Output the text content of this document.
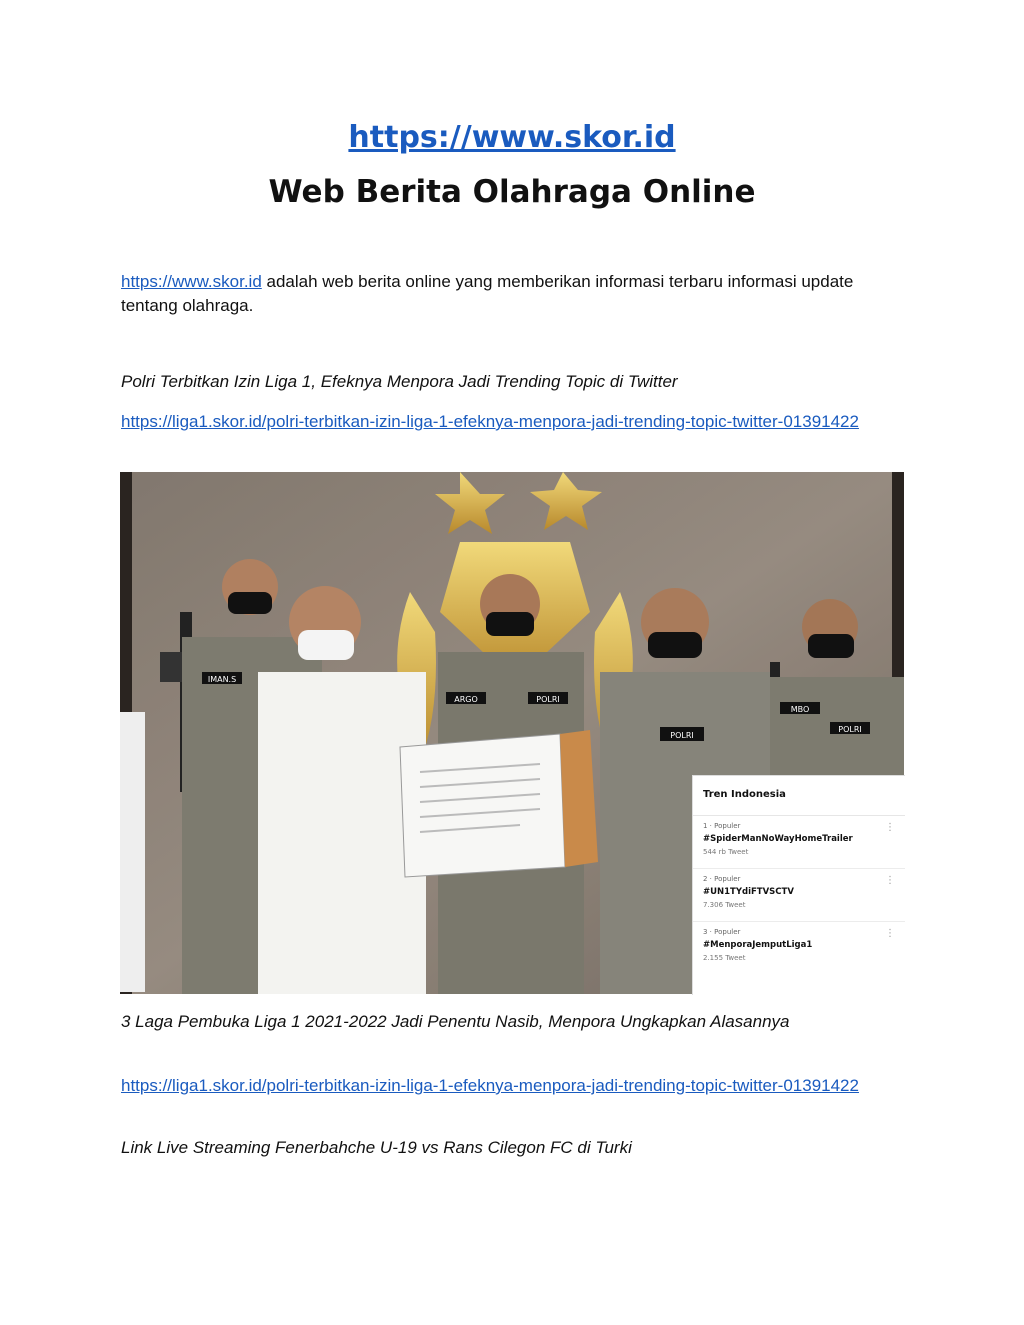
https://www.skor.id
Web Berita Olahraga Online
https://www.skor.id adalah web berita online yang memberikan informasi terbaru informasi update tentang olahraga.
Polri Terbitkan Izin Liga 1, Efeknya Menpora Jadi Trending Topic di Twitter
https://liga1.skor.id/polri-terbitkan-izin-liga-1-efeknya-menpora-jadi-trending-topic-twitter-01391422
IMAN.S
ARGO	POLRI
MBO
POLRI
POLRI
Tren Indonesia
1 · Populer
#SpiderManNoWayHomeTrailer
544 rb Tweet
⋮
2 · Populer
#UN1TYdiFTVSCTV
7.306 Tweet
⋮
3 · Populer
#MenporaJemputLiga1
2.155 Tweet
⋮
3 Laga Pembuka Liga 1 2021-2022 Jadi Penentu Nasib, Menpora Ungkapkan Alasannya
https://liga1.skor.id/polri-terbitkan-izin-liga-1-efeknya-menpora-jadi-trending-topic-twitter-01391422
Link Live Streaming Fenerbahche U-19 vs Rans Cilegon FC di Turki
